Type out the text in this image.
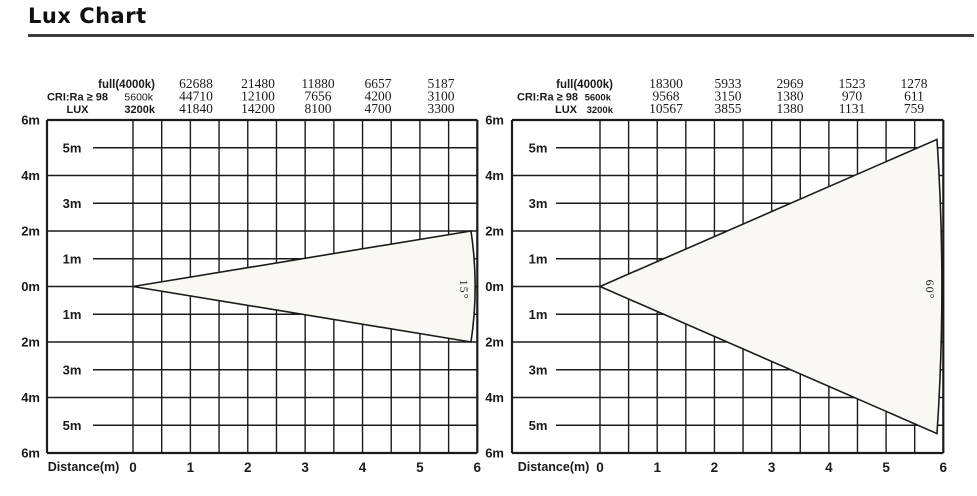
Lux Chart
15°
6m
4m
2m
0m
2m
4m
6m
5m
3m
1m
1m
3m
5m
0	1	2	3	4	5	6
Distance(m)
CRI:Ra ≥ 98
LUX
full(4000k) 62688 21480 11880 6657	5187
5600k 44710 12100 7656 4200	3100
3200k 41840 14200 8100 4700	3300
60°
6m
4m
2m
0m
2m
4m
6m
5m
3m
1m
1m
3m
5m
0	1	2	3	4	5	6
Distance(m)
CRI:Ra ≥ 98
LUX
full(4000k)	18300 5933	2969	1523	1278
5600k	9568	3150	1380	970	611
3200k	10567 3855	1380	1131	759
